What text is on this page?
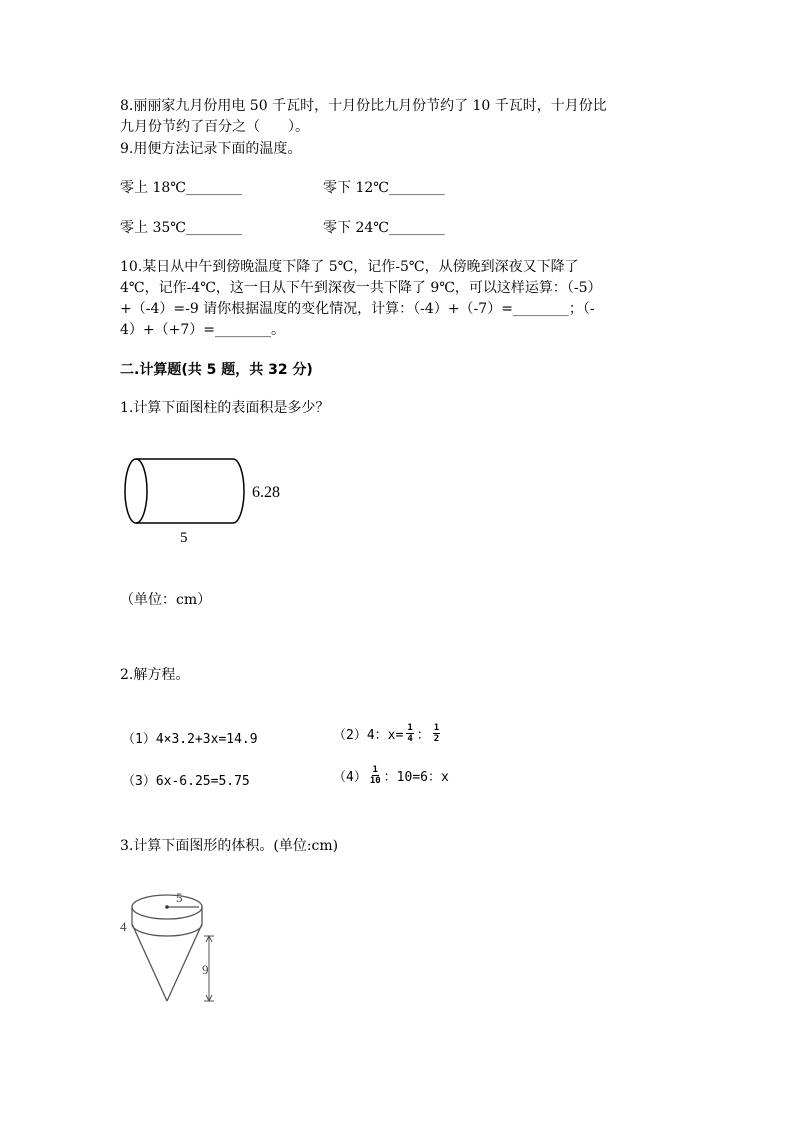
8.丽丽家九月份用电 50 千瓦时，十月份比九月份节约了 10 千瓦时，十月份比
九月份节约了百分之（　　）。
9.用便方法记录下面的温度。
零上 18℃________	零下 12℃________
零上 35℃________	零下 24℃________
10.某日从中午到傍晚温度下降了 5℃，记作-5℃，从傍晚到深夜又下降了
4℃，记作-4℃，这一日从下午到深夜一共下降了 9℃，可以这样运算：（-5）
+（-4）=-9 请你根据温度的变化情况，计算：（-4）+（-7）=________；（-
4）+（+7）=________。
二.计算题(共 5 题，共 32 分)
1.计算下面图柱的表面积是多少？
6.28
5
（单位：cm）
2.解方程。
（1）4×3.2+3x=14.9	（2）4：$x= \frac{1}{4}$ ： $\frac{1}{2}$
（3）6x-6.25=5.75	$(4) \frac{1}{10}$ ：10=6：x
3.计算下面图形的体积。(单位:cm)
5
4
9
